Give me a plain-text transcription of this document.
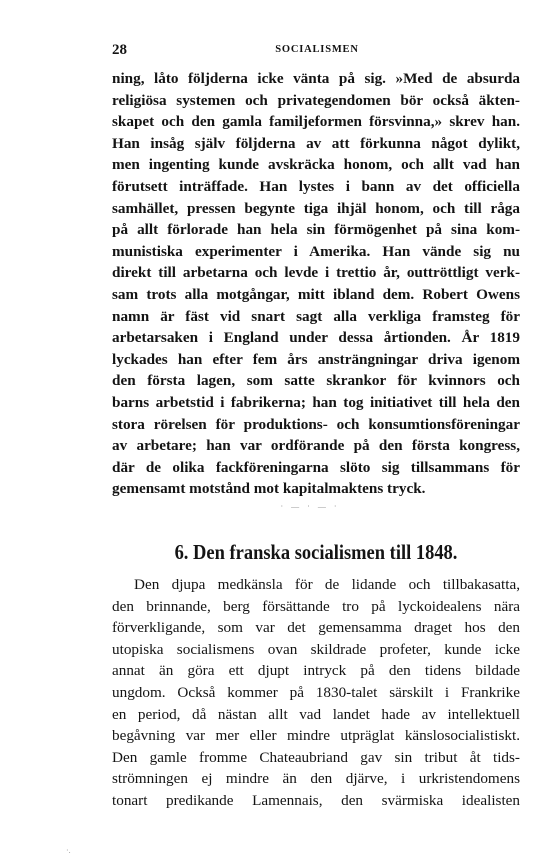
28	SOCIALISMEN
ning, låto följderna icke vänta på sig. »Med de absurda
religiösa systemen och privategendomen bör också äkten-
skapet och den gamla familjeformen försvinna,» skrev han.
Han insåg själv följderna av att förkunna något dylikt,
men ingenting kunde avskräcka honom, och allt vad han
förutsett inträffade. Han lystes i bann av det officiella
samhället, pressen begynte tiga ihjäl honom, och till råga
på allt förlorade han hela sin förmögenhet på sina kom-
munistiska experimenter i Amerika. Han vände sig nu
direkt till arbetarna och levde i trettio år, outtröttligt verk-
sam trots alla motgångar, mitt ibland dem. Robert Owens
namn är fäst vid snart sagt alla verkliga framsteg för
arbetarsaken i England under dessa årtionden. År 1819
lyckades han efter fem års ansträngningar driva igenom
den första lagen, som satte skrankor för kvinnors och
barns arbetstid i fabrikerna; han tog initiativet till hela den
stora rörelsen för produktions- och konsumtionsföreningar
av arbetare; han var ordförande på den första kongress,
där de olika fackföreningarna slöto sig tillsammans för
gemensamt motstånd mot kapitalmaktens tryck.
· — · — ·
6. Den franska socialismen till 1848.
Den djupa medkänsla för de lidande och tillbakasatta,
den brinnande, berg försättande tro på lyckoidealens nära
förverkligande, som var det gemensamma draget hos den
utopiska socialismens ovan skildrade profeter, kunde icke
annat än göra ett djupt intryck på den tidens bildade
ungdom. Också kommer på 1830-talet särskilt i Frankrike
en period, då nästan allt vad landet hade av intellektuell
begåvning var mer eller mindre utpräglat känslosocialistiskt.
Den gamle fromme Chateaubriand gav sin tribut åt tids-
strömningen ej mindre än den djärve, i urkristendomens
tonart predikande Lamennais, den svärmiska idealisten
·.
